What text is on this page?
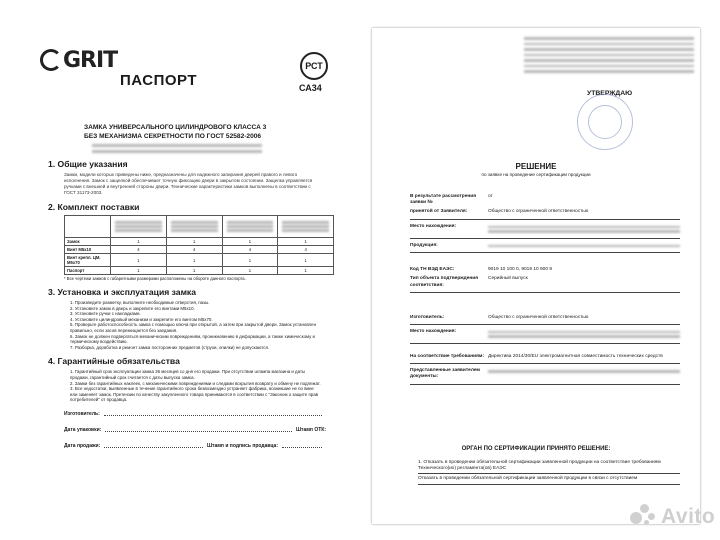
GRIT
ПАСПОРТ
РСТ
СА34
ЗАМКА УНИВЕРСАЛЬНОГО ЦИЛИНДРОВОГО КЛАССА 3
БЕЗ МЕХАНИЗМА СЕКРЕТНОСТИ ПО ГОСТ 52582-2006
1. Общие указания
Замки, модели которых приведены ниже, предназначены для надежного запирания дверей правого и левого исполнения. Замок с защелкой обеспечивает точную фиксацию двери в закрытом состоянии. Защелка управляется ручками с внешней и внутренней стороны двери. Технические характеристики замков выполнены в соответствии с ГОСТ 31173-2003.
2. Комплект поставки

Замок	1	1	1	1
Винт М5х10	4	4	4	4
Винт крепл. ЦМ. М5х70	1	1	1	1
Паспорт	1	1	1	1
* Все чертежи замков с габаритными размерами расположены на обороте данного паспорта.
3. Установка и эксплуатация замка
1. Произведите разметку, выполните необходимые отверстия, пазы.
2. Установите замок в дверь и закрепите его винтами М5х10.
3. Установите ручки с накладками.
4. Установите цилиндровый механизм и закрепите его винтом М5х70.
5. Проверьте работоспособность замка с помощью ключа при открытой, а затем при закрытой двери. Замок установлен правильно, если засов перемещается без заедания.
6. Замок не должен подвергаться механическим повреждениям, проникновению в деформации, а также химическому и термическому воздействию.
7. Разборка, доработка и ремонт замка посторонних предметов (струхи, опилки) не допускаются.
4. Гарантийные обязательства
1. Гарантийный срок эксплуатации замка 36 месяцев со дня его продажи. При отсутствии штампа магазина и даты продажи, гарантийный срок считается с даты выпуска замка.
2. Замки без гарантийных наклеек, с механическими повреждениями и следами вскрытия возврату и обмену не подлежат.
3. Все недостатки, выявленные в течение гарантийного срока безвозмездно устраняет фабрика, возникшие не по вине или заменяет замок. Претензии по качеству закупленного товара принимаются в соответствии с "Законом о защите прав потребителей" от продавца.
Изготовитель:
Дата упаковки:	Штамп ОТК:
Дата продажи:	Штамп и подпись продавца:
УТВЕРЖДАЮ
РЕШЕНИЕ
по заявке на проведение сертификации продукции
В результате рассмотрения заявки №
от
принятой от Заявителя:	Общество с ограниченной ответственностью
Место нахождения:
Продукция:
Код ТН ВЭД ЕАЭС:	9019 10 100 0, 9019 10 900 9
Тип объекта подтверждения соответствия:
Серийный выпуск
Изготовитель:	Общество с ограниченной ответственностью
Место нахождения:
На соответствие требованиям: Директива 2014/30/EU электромагнитная совместимость технических средств
Представленные заявителем документы:
ОРГАН ПО СЕРТИФИКАЦИИ ПРИНЯТО РЕШЕНИЕ:
1. Отказать в проведении обязательной сертификации заявленной продукции на соответствие требованиям Технического(их) регламента(ов) ЕАЭС
Отказать в проведении обязательной сертификации заявленной продукции в связи с отсутствием
Avito
